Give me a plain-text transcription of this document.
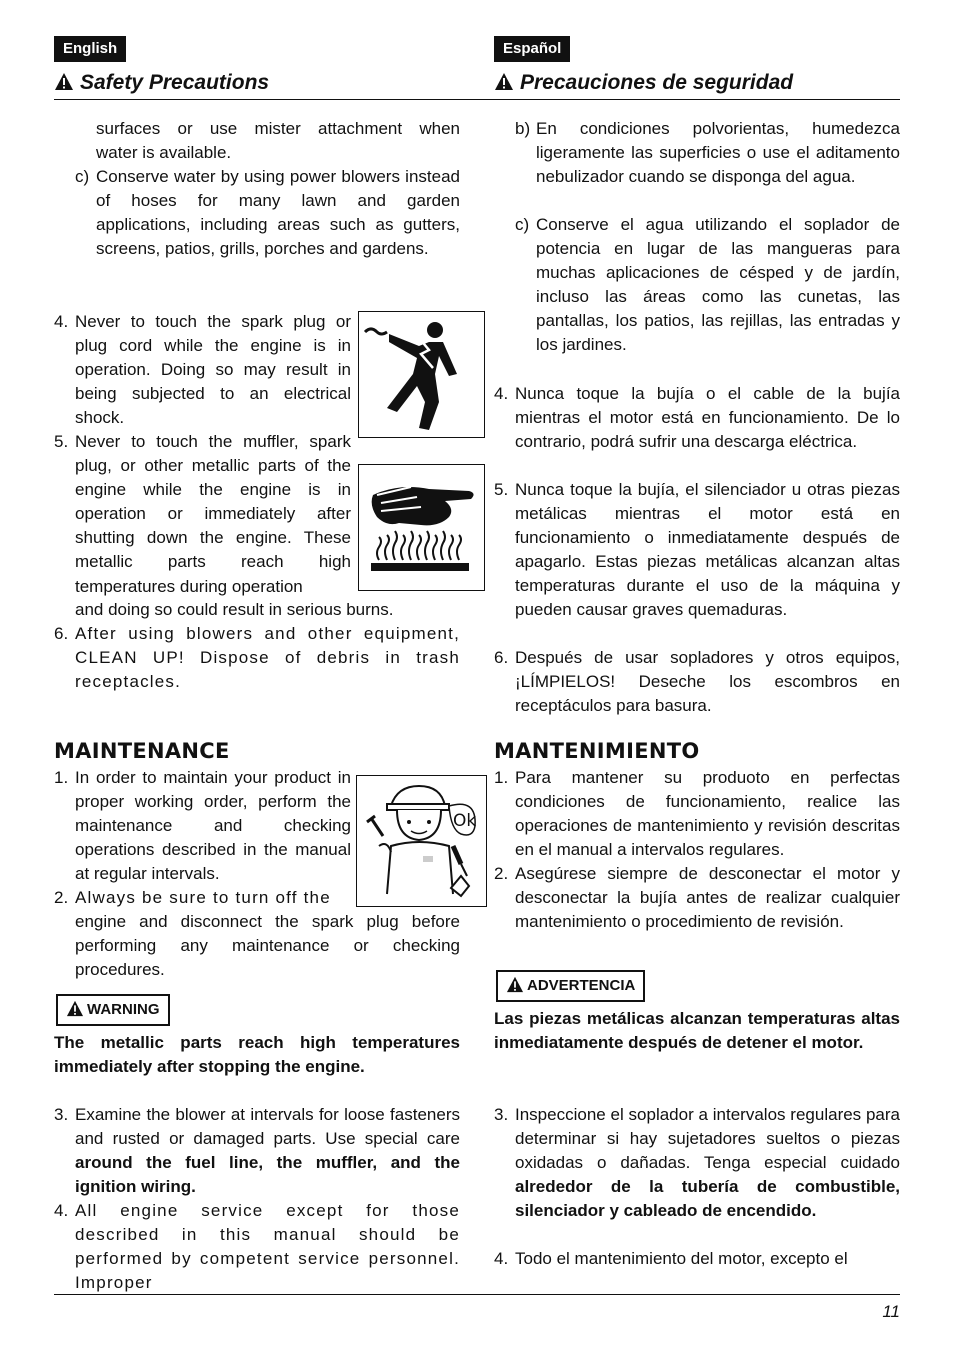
English
Safety Precautions
surfaces or use mister attachment when
water is available.
c) Conserve water by using power blowers instead of hoses for many lawn and garden applications, including areas such as gutters, screens, patios, grills, porches and gardens.
4. Never to touch the spark plug or plug cord while the engine is in operation. Doing so may result in being subjected to an electrical shock.
5. Never to touch the muffler, spark plug, or other metallic parts of the engine while the engine is in operation or immediately after shutting down the engine. These metallic parts reach high temperatures during operation
and doing so could result in serious burns.
6. After using blowers and other equipment, CLEAN UP! Dispose of debris in trash receptacles.
MAINTENANCE
1. In order to maintain your product in proper working order, perform the maintenance and checking operations described in the manual at regular intervals.
2. Always be sure to turn off the
engine and disconnect the spark plug before performing any maintenance or checking procedures.
WARNING
The metallic parts reach high temperatures immediately after stopping the engine.
3. Examine the blower at intervals for loose fasteners and rusted or damaged parts. Use special care around the fuel line, the muffler, and the ignition wiring.
4. All engine service except for those described in this manual should be performed by competent service personnel. Improper
Ok
Español
Precauciones de seguridad
b) En condiciones polvorientas, humedezca ligeramente las superficies o use el aditamento nebulizador cuando se disponga del agua.
c) Conserve el agua utilizando el soplador de potencia en lugar de las mangueras para muchas aplicaciones de césped y de jardín, incluso las áreas como las cunetas, las pantallas, los patios, las rejillas, las entradas y los jardines.
4. Nunca toque la bujía o el cable de la bujía mientras el motor está en funcionamiento. De lo contrario, podrá sufrir una descarga eléctrica.
5. Nunca toque la bujía, el silenciador u otras piezas metálicas mientras el motor está en funcionamiento o inmediatamente después de apagarlo. Estas piezas metálicas alcanzan altas temperaturas durante el uso de la máquina y pueden causar graves quemaduras.
6. Después de usar sopladores y otros equipos, ¡LÍMPIELOS! Deseche los escombros en receptáculos para basura.
MANTENIMIENTO
1. Para mantener su produoto en perfectas condiciones de funcionamiento, realice las operaciones de mantenimiento y revisión descritas en el manual a intervalos regulares.
2. Asegúrese siempre de desconectar el motor y desconectar la bujía antes de realizar cualquier mantenimiento o procedimiento de revisión.
ADVERTENCIA
Las piezas metálicas alcanzan temperaturas altas inmediatamente después de detener el motor.
3. Inspeccione el soplador a intervalos regulares para determinar si hay sujetadores sueltos o piezas oxidadas o dañadas. Tenga especial cuidado alrededor de la tubería de combustible, silenciador y cableado de encendido.
4. Todo el mantenimiento del motor, excepto el
11
